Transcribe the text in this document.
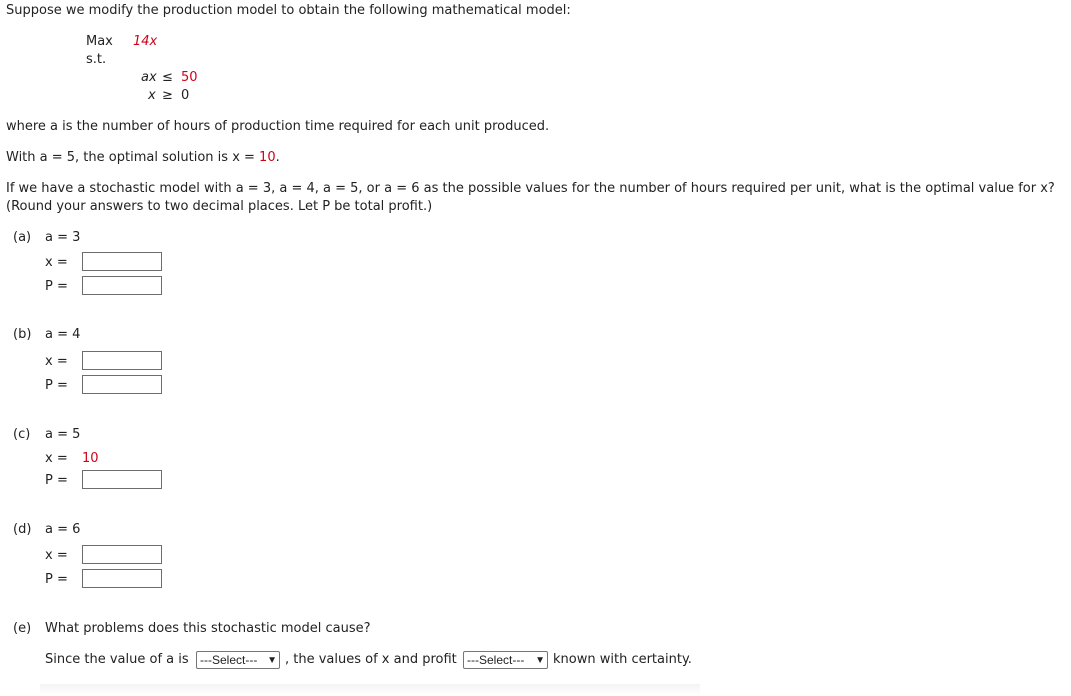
Suppose we modify the production model to obtain the following mathematical model:
Max 14x
s.t.
ax ≤ 50
x ≥ 0
where a is the number of hours of production time required for each unit produced.
With a = 5, the optimal solution is x = 10.
If we have a stochastic model with a = 3, a = 4, a = 5, or a = 6 as the possible values for the number of hours required per unit, what is the optimal value for x? (Round your answers to two decimal places. Let P be total profit.)
(a) a = 3
x =
P =
(b) a = 4
x =
P =
(c) a = 5
x = 10
P =
(d) a = 6
x =
P =
(e) What problems does this stochastic model cause?
Since the value of a is ---Select--- ▼ , the values of x and profit ---Select--- ▼ known with certainty.
